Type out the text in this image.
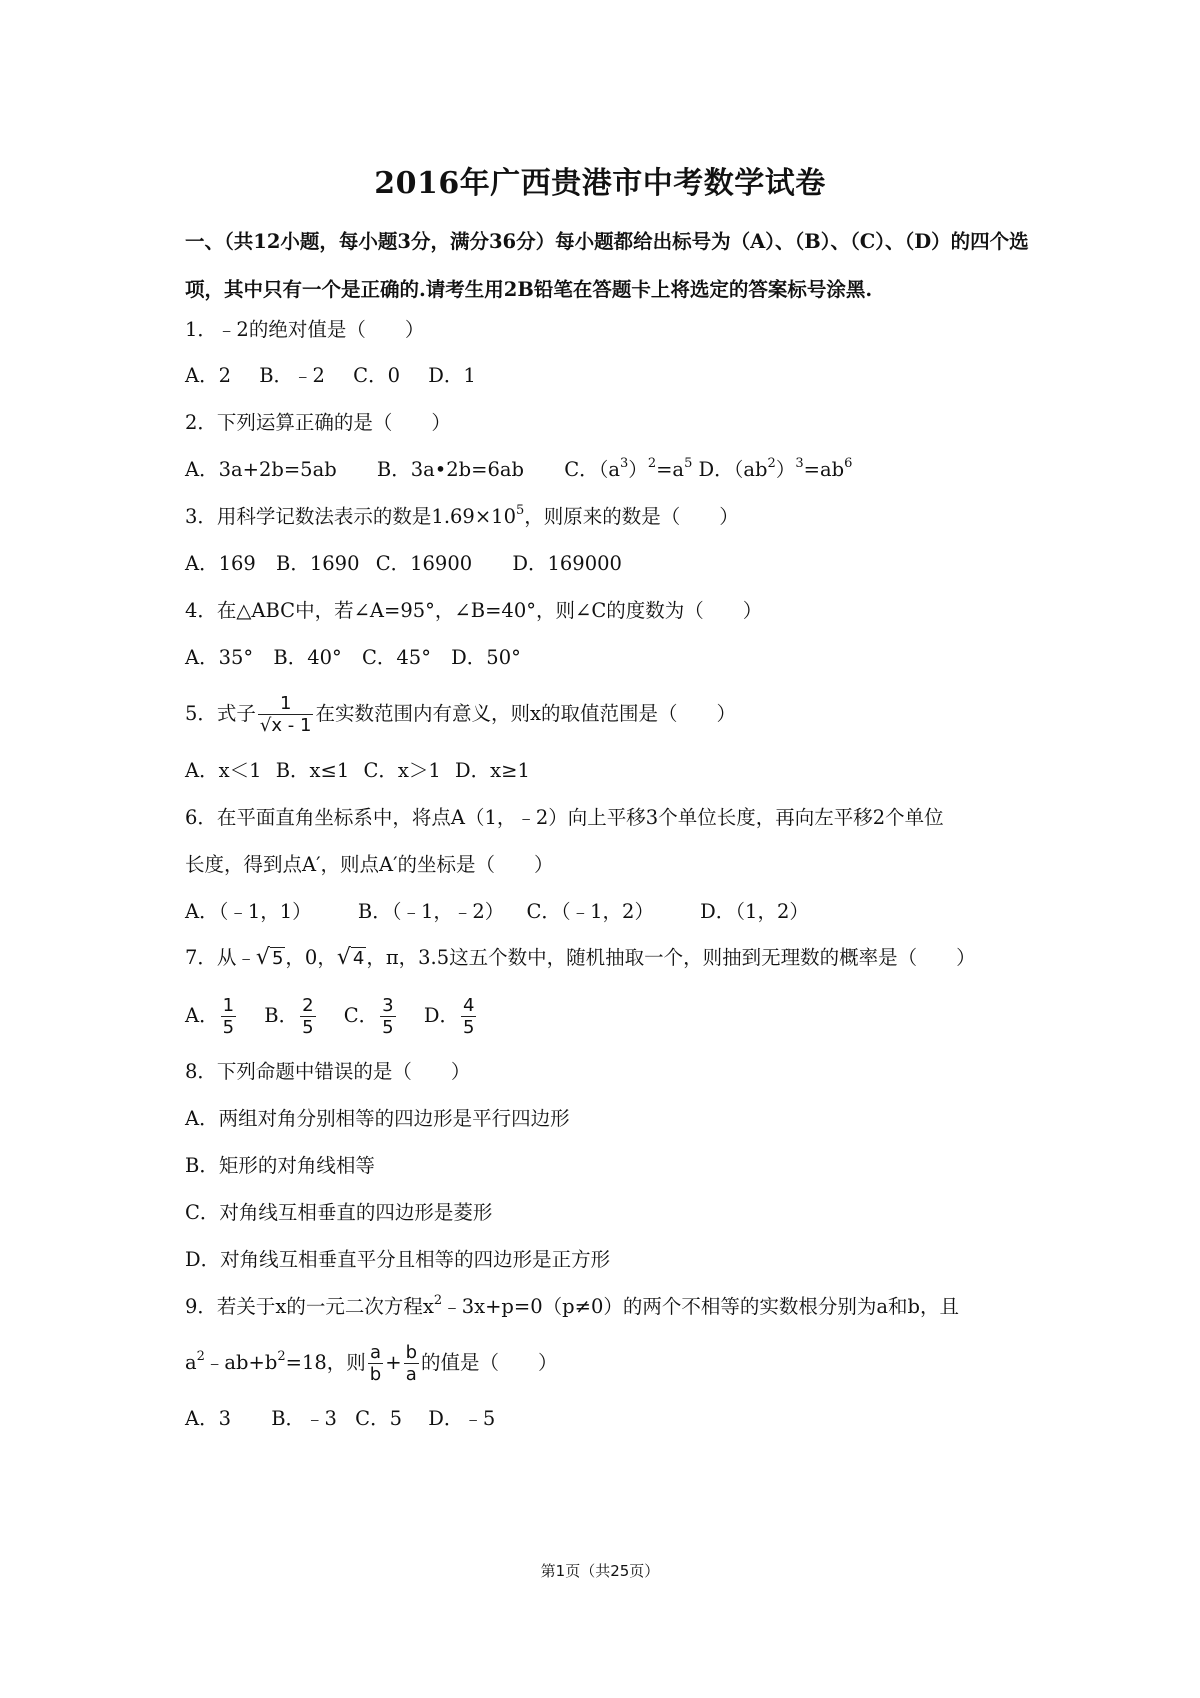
2016年广西贵港市中考数学试卷
一、（共12小题，每小题3分，满分36分）每小题都给出标号为（A）、（B）、（C）、（D）的四个选项，其中只有一个是正确的.请考生用2B铅笔在答题卡上将选定的答案标号涂黑.
1．﹣2的绝对值是（　　）
A．2 B．﹣2 C．0 D．1
2．下列运算正确的是（　　）
A．3a+2b=5ab B．3a•2b=6ab C．$(a^3)^2=a^5$ D．$(ab^2)^3=ab^6$
3．用科学记数法表示的数是$1.69\times 10^5$，则原来的数是（　　）
A．169 B．1690 C．16900 D．169000
4．在△ABC中，若∠A=95°，∠B=40°，则∠C的度数为（　　）
A．35° B．40° C．45° D．50°
5．式子 $\frac{1}{√x - 1}$ 在实数范围内有意义，则x的取值范围是（　　）
A．x＜1 B．x≤1 C．x＞1 D．x≥1
6．在平面直角坐标系中，将点A（1，﹣2）向上平移3个单位长度，再向左平移2个单位
长度，得到点A′，则点A′的坐标是（　　）
A．（﹣1，1） B．（﹣1，﹣2） C．（﹣1，2） D．（1，2）
7．从﹣√ 5 ，0，√ 4 ，π，3.5这五个数中，随机抽取一个，则抽到无理数的概率是（　　）
A． $\frac{1}{5}$ B． $\frac{2}{5}$ C． $\frac{3}{5}$ D． $\frac{4}{5}$
8．下列命题中错误的是（　　）
A．两组对角分别相等的四边形是平行四边形
B．矩形的对角线相等
C．对角线互相垂直的四边形是菱形
D．对角线互相垂直平分且相等的四边形是正方形
9．若关于x的一元二次方程$x^2﹣3x+p=0(p\ne 0)$的两个不相等的实数根分别为a和b，且
$a^2﹣ab+b^2=18$，则 $\frac{a}{b} + \frac{b}{a}$ 的值是（　　）
A．3 B．﹣3 C．5 D．﹣5
第1页（共25页）
